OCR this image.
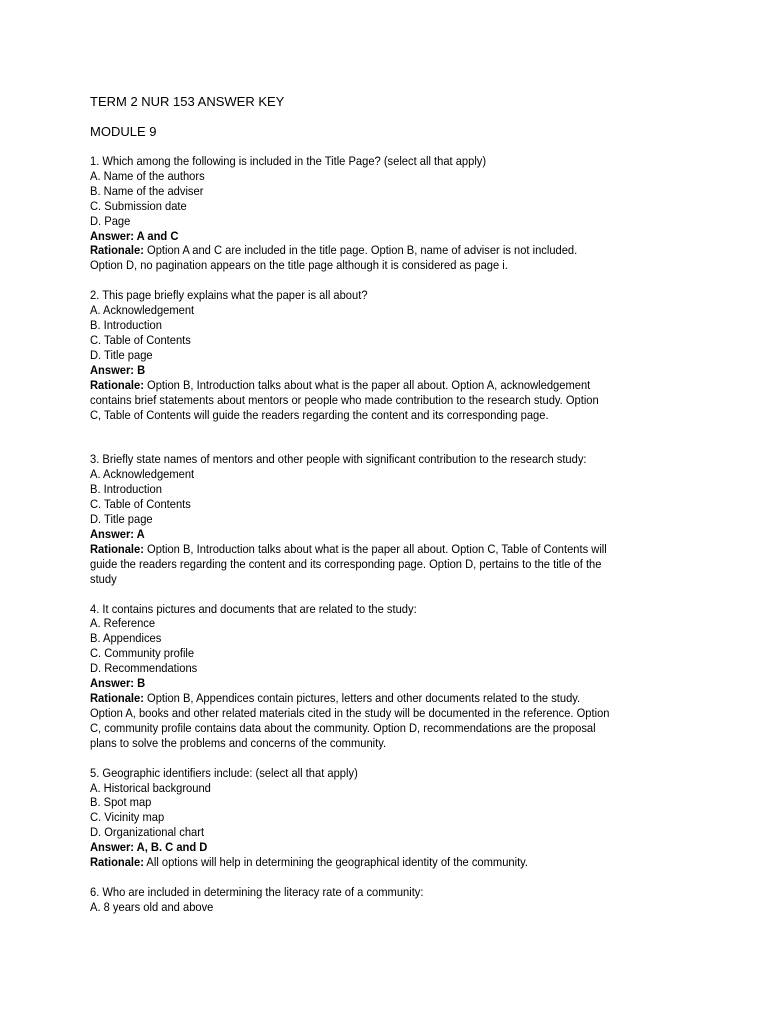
TERM 2 NUR 153 ANSWER KEY
MODULE 9
1. Which among the following is included in the Title Page? (select all that apply)
A. Name of the authors
B. Name of the adviser
C. Submission date
D. Page
Answer: A and C
Rationale: Option A and C are included in the title page. Option B, name of adviser is not included.
Option D, no pagination appears on the title page although it is considered as page i.
2. This page briefly explains what the paper is all about?
A. Acknowledgement
B. Introduction
C. Table of Contents
D. Title page
Answer: B
Rationale: Option B, Introduction talks about what is the paper all about. Option A, acknowledgement
contains brief statements about mentors or people who made contribution to the research study. Option
C, Table of Contents will guide the readers regarding the content and its corresponding page.
3. Briefly state names of mentors and other people with significant contribution to the research study:
A. Acknowledgement
B. Introduction
C. Table of Contents
D. Title page
Answer: A
Rationale: Option B, Introduction talks about what is the paper all about. Option C, Table of Contents will
guide the readers regarding the content and its corresponding page. Option D, pertains to the title of the
study
4. It contains pictures and documents that are related to the study:
A. Reference
B. Appendices
C. Community profile
D. Recommendations
Answer: B
Rationale: Option B, Appendices contain pictures, letters and other documents related to the study.
Option A, books and other related materials cited in the study will be documented in the reference. Option
C, community profile contains data about the community. Option D, recommendations are the proposal
plans to solve the problems and concerns of the community.
5. Geographic identifiers include: (select all that apply)
A. Historical background
B. Spot map
C. Vicinity map
D. Organizational chart
Answer: A, B. C and D
Rationale: All options will help in determining the geographical identity of the community.
6. Who are included in determining the literacy rate of a community:
A. 8 years old and above
